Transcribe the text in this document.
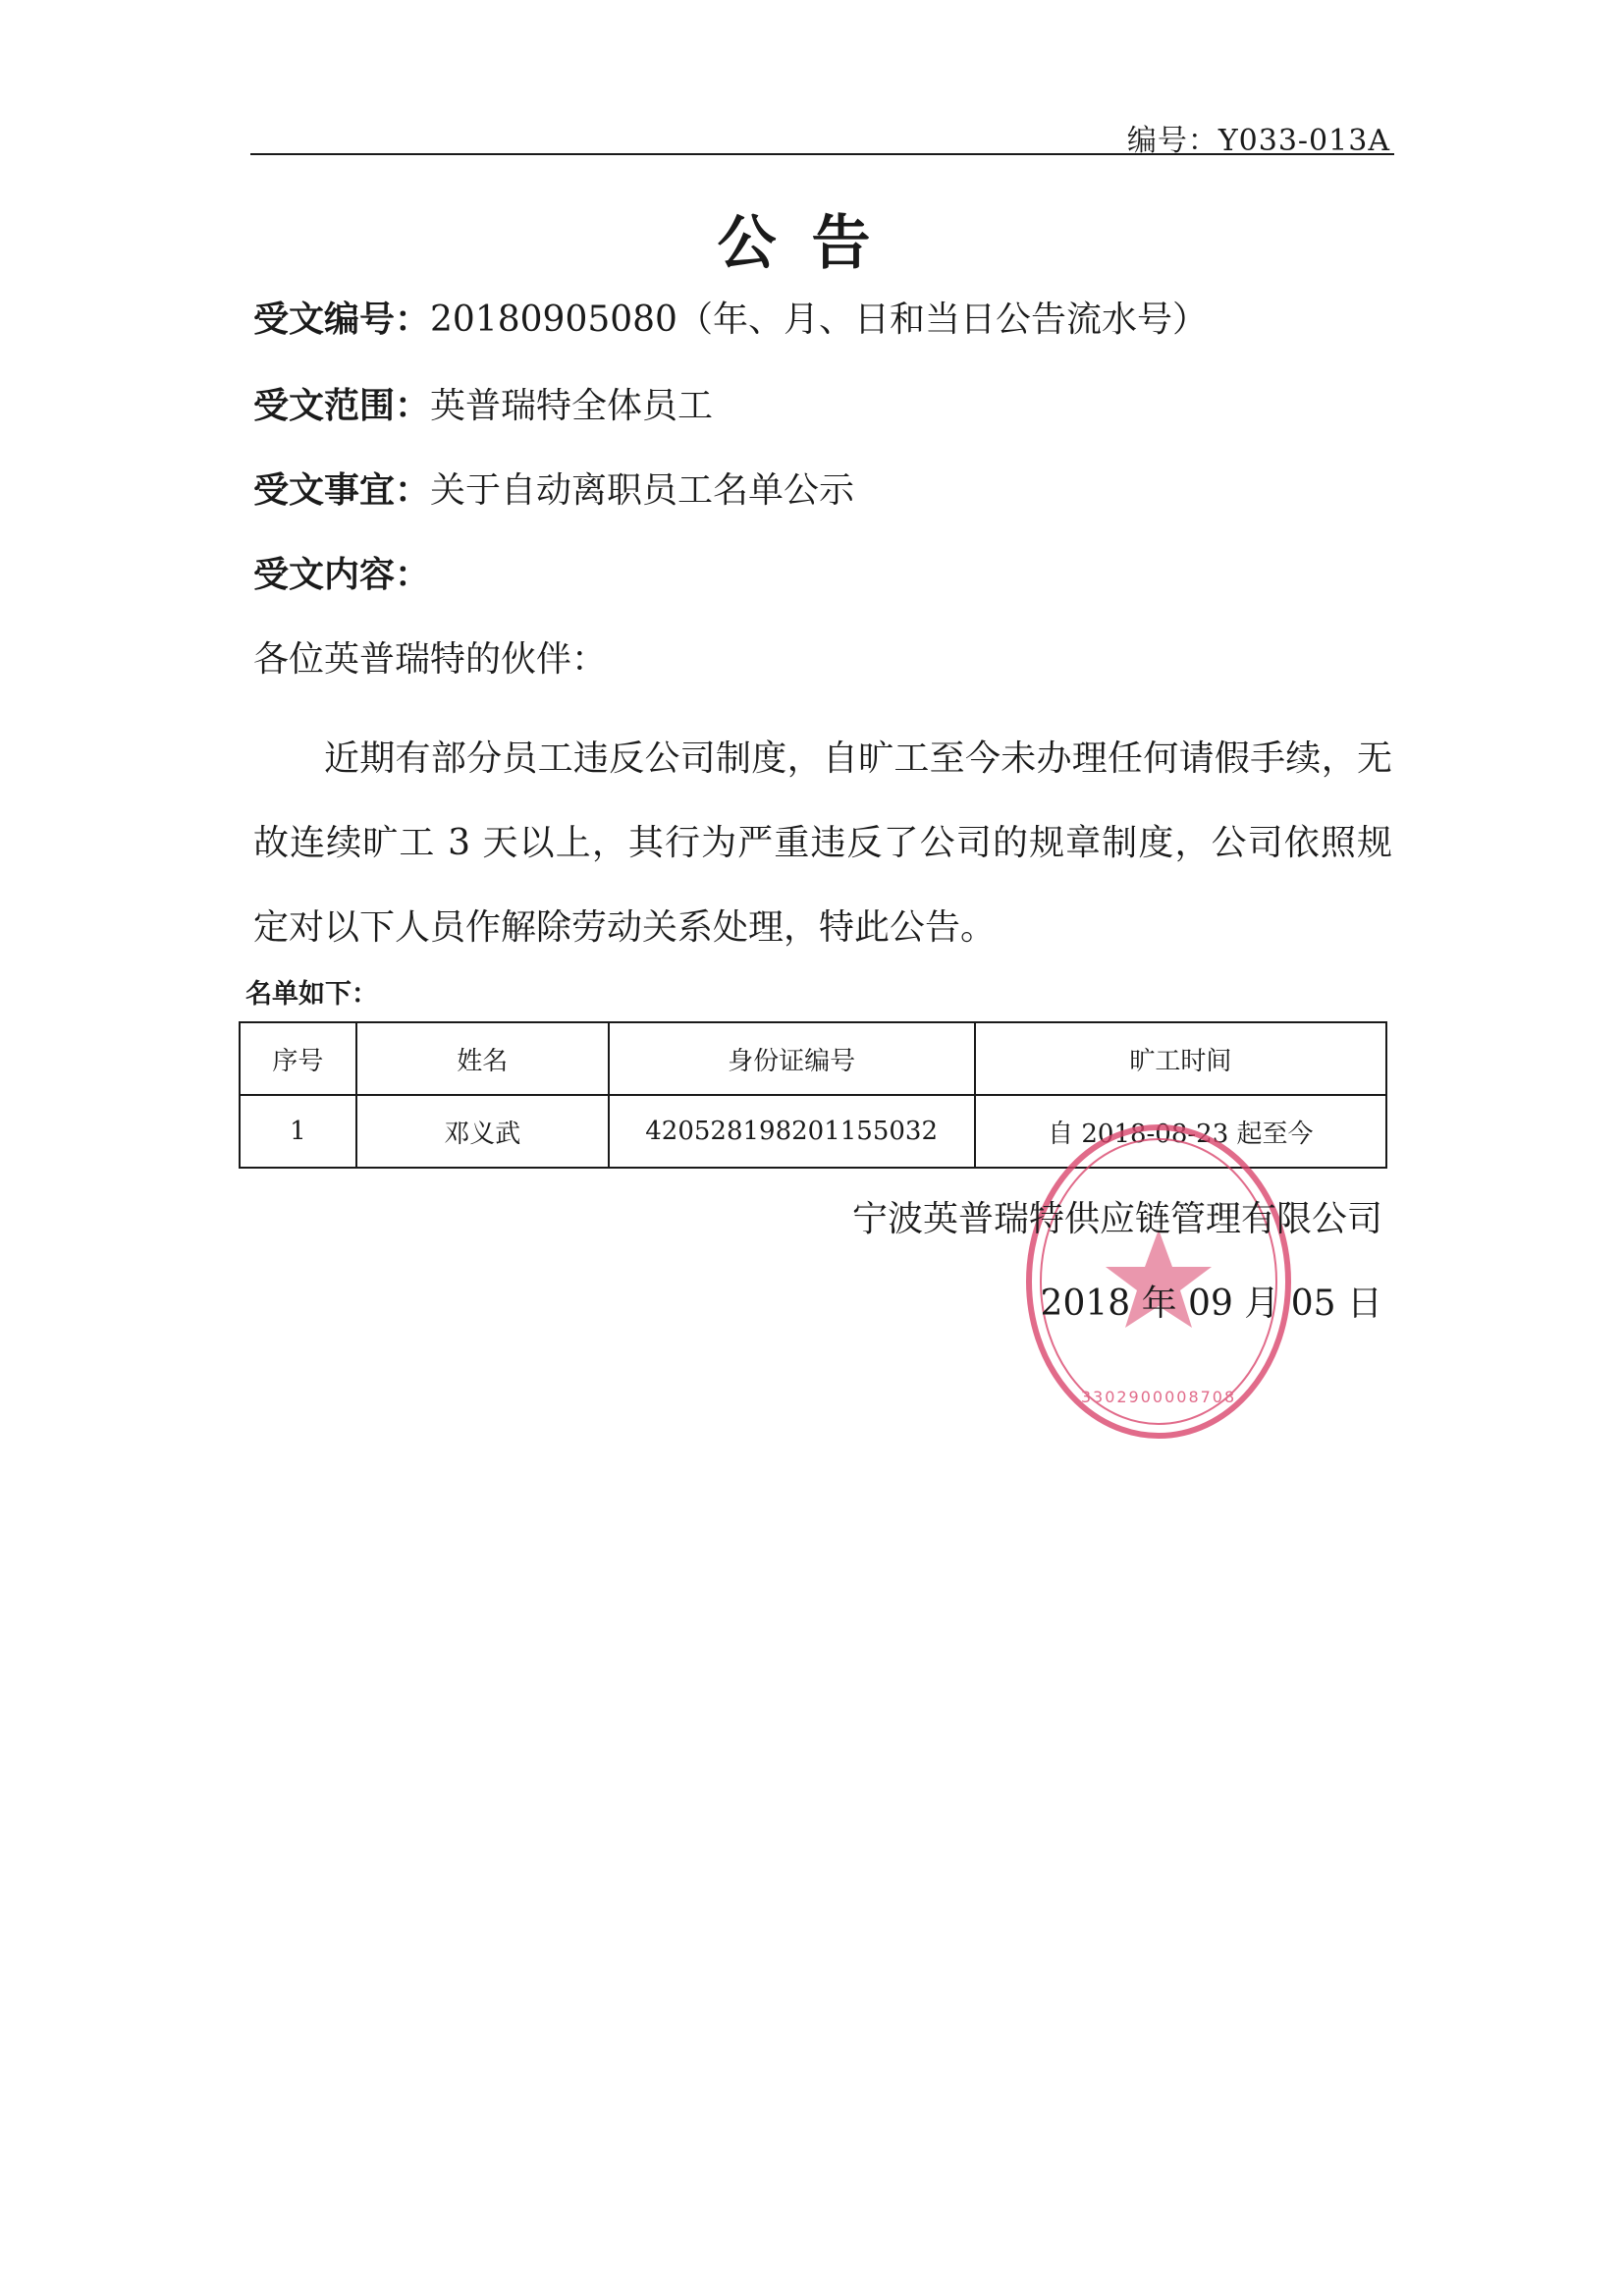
编号：Y033-013A
公告
受文编号：20180905080（年、月、日和当日公告流水号）
受文范围：英普瑞特全体员工
受文事宜：关于自动离职员工名单公示
受文内容：
各位英普瑞特的伙伴：
近期有部分员工违反公司制度，自旷工至今未办理任何请假手续，无故连续旷工 3 天以上，其行为严重违反了公司的规章制度，公司依照规定对以下人员作解除劳动关系处理，特此公告。
名单如下：
序号	姓名	身份证编号	旷工时间
1	邓义武	420528198201155032	自 2018-08-23 起至今
3302900008708
宁波英普瑞特供应链管理有限公司
2018 年 09 月 05 日
